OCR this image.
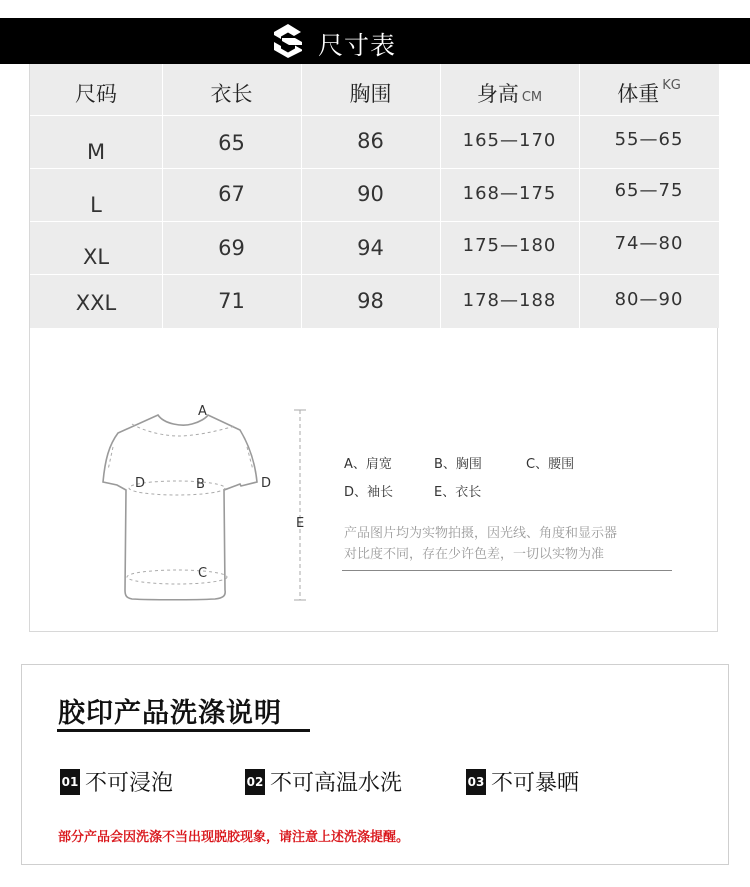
尺寸表
尺码	衣长	胸围	身高 CM	体重 $^{KG}$
M	65	86	165—170	55—65
L	67	90	168—175	65—75
XL	69	94	175—180	74—80
XXL	71	98	178—188	80—90
A
B
C
D	D
E
A、肩宽	B、胸围	C、腰围
D、袖长	E、衣长
产品图片均为实物拍摄，因光线、角度和显示器
对比度不同，存在少许色差，一切以实物为准
胶印产品洗涤说明
01 不可浸泡	02 不可高温水洗	03 不可暴晒
部分产品会因洗涤不当出现脱胶现象，请注意上述洗涤提醒。
